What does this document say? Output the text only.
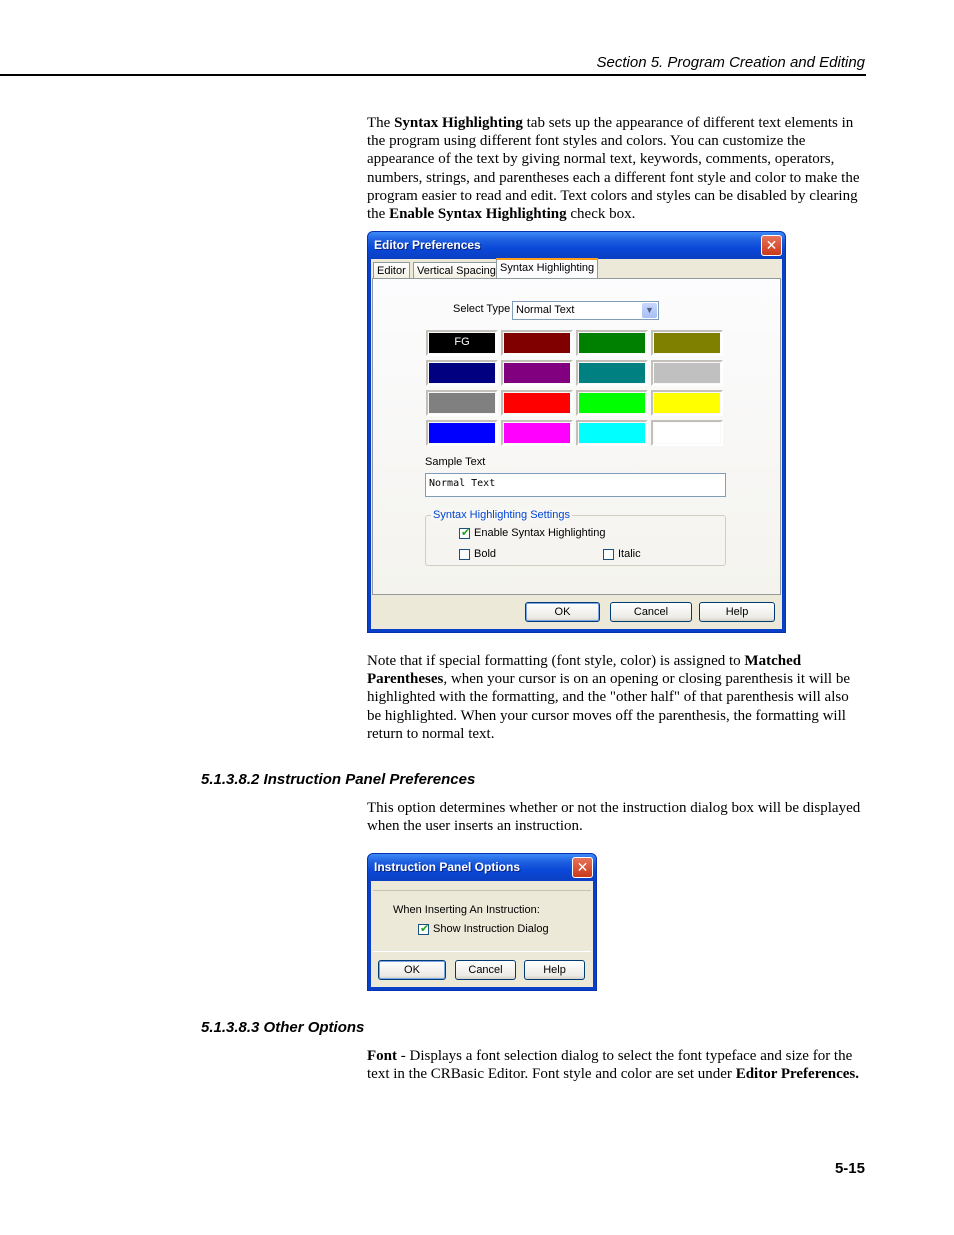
Section 5. Program Creation and Editing

The Syntax Highlighting tab sets up the appearance of different text elements in the program using different font styles and colors. You can customize the appearance of the text by giving normal text, keywords, comments, operators, numbers, strings, and parentheses each a different font style and color to make the program easier to read and edit. Text colors and styles can be disabled by clearing the Enable Syntax Highlighting check box.

Editor Preferences	✕
Editor	Vertical Spacing Syntax Highlighting
Select Type Normal Text	▼
FG
Sample Text
Normal Text
Syntax Highlighting Settings
✔ Enable Syntax Highlighting
Bold	Italic
OK	Cancel	Help

Note that if special formatting (font style, color) is assigned to Matched Parentheses, when your cursor is on an opening or closing parenthesis it will be highlighted with the formatting, and the "other half" of that parenthesis will also be highlighted. When your cursor moves off the parenthesis, the formatting will return to normal text.

5.1.3.8.2 Instruction Panel Preferences

This option determines whether or not the instruction dialog box will be displayed when the user inserts an instruction.

Instruction Panel Options	✕
When Inserting An Instruction:
✔ Show Instruction Dialog
OK	Cancel	Help
5.1.3.8.3 Other Options

Font - Displays a font selection dialog to select the font typeface and size for the text in the CRBasic Editor. Font style and color are set under Editor Preferences.

5-15
